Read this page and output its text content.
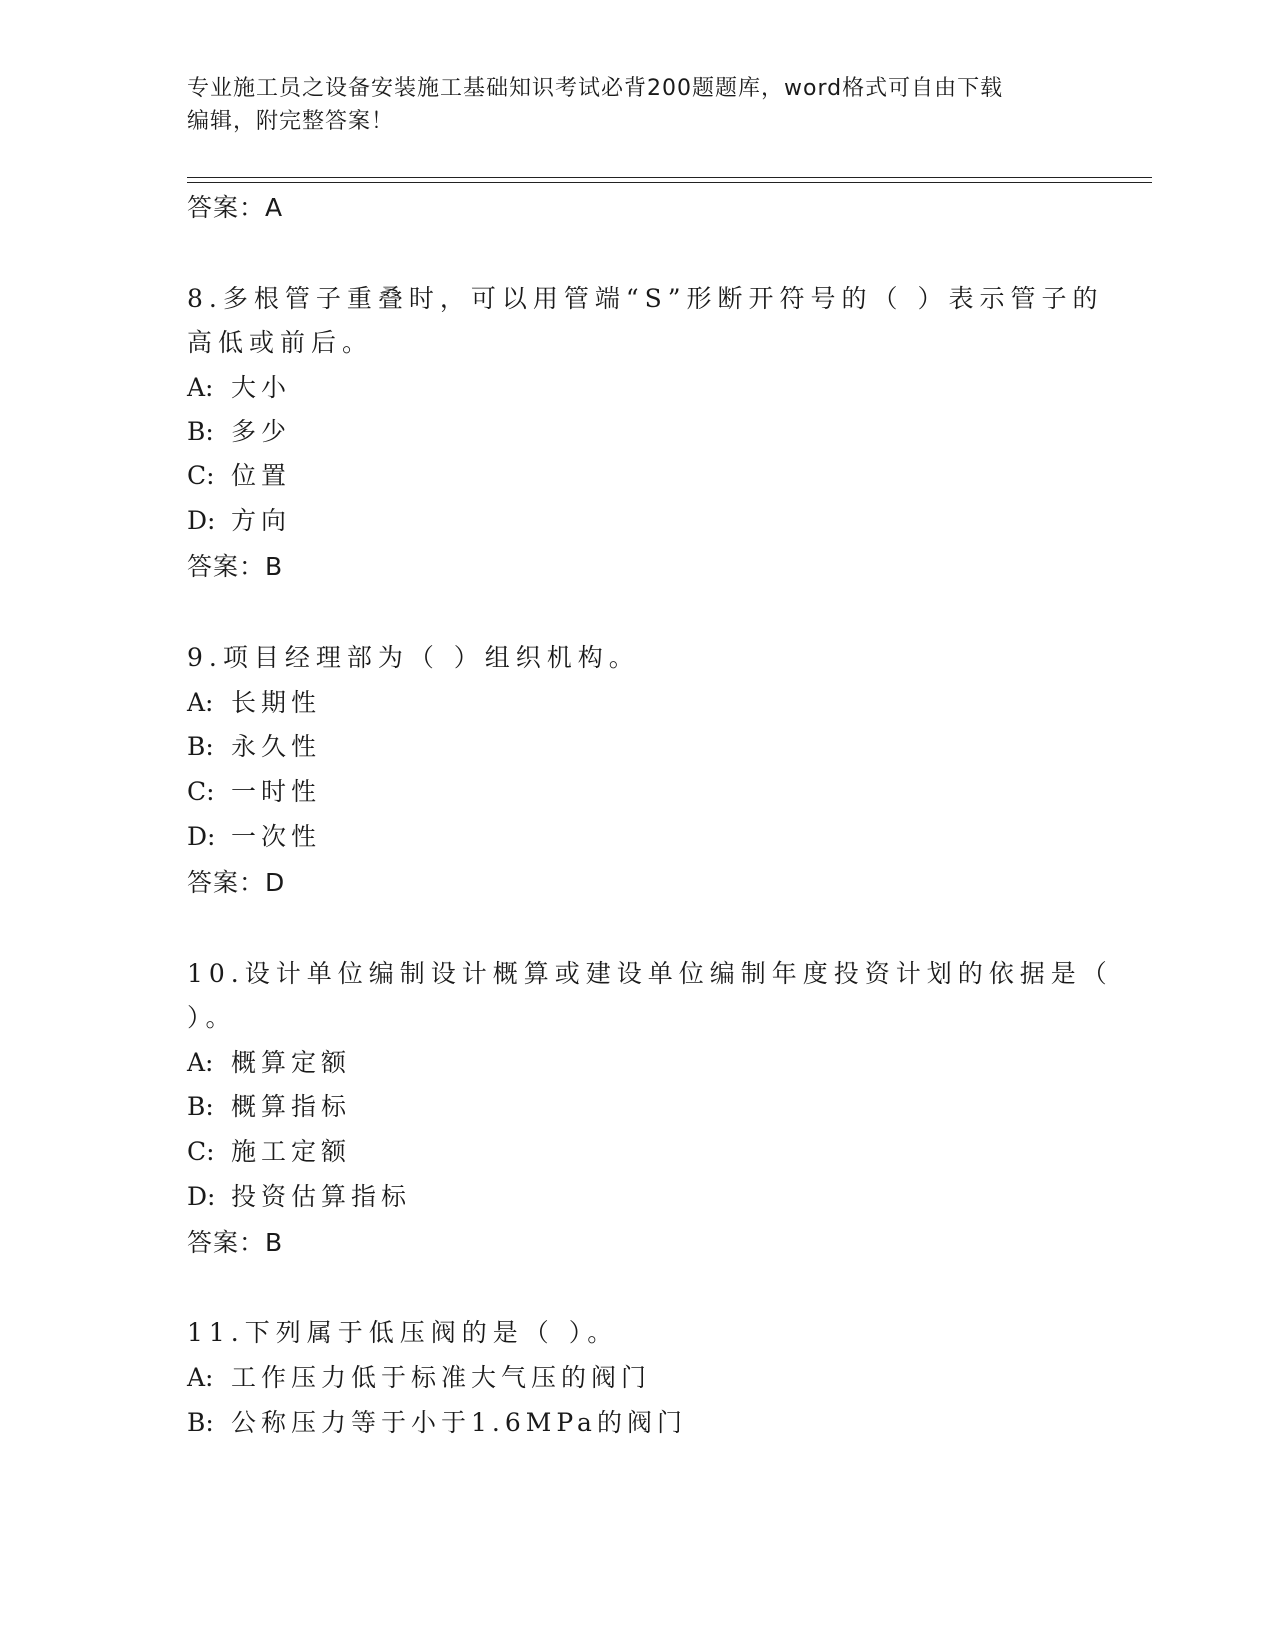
专业施工员之设备安装施工基础知识考试必背200题题库，word格式可自由下载
编辑，附完整答案！
答案：A
8.多根管子重叠时，可以用管端“S”形断开符号的（ ）表示管子的
高低或前后。
A: 大小
B: 多少
C: 位置
D: 方向
答案：B
9.项目经理部为（ ）组织机构。
A: 长期性
B: 永久性
C: 一时性
D: 一次性
答案：D
10.设计单位编制设计概算或建设单位编制年度投资计划的依据是（
）。
A: 概算定额
B: 概算指标
C: 施工定额
D: 投资估算指标
答案：B
11.下列属于低压阀的是（ ）。
A: 工作压力低于标准大气压的阀门
B: 公称压力等于小于1.6MPa的阀门
